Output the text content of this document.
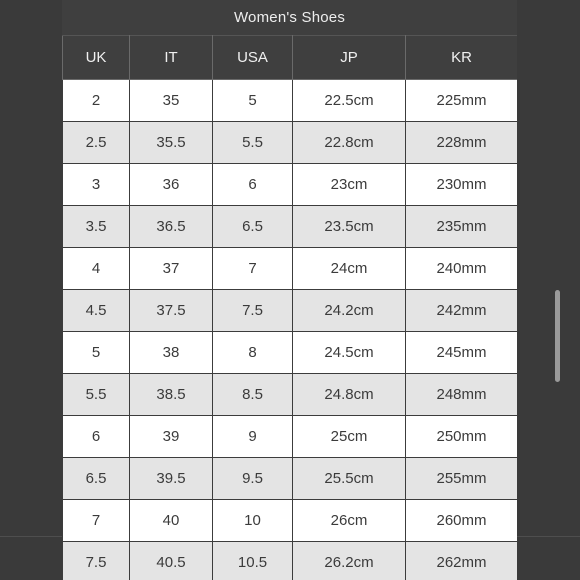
Women's Shoes
UK	IT	USA	JP	KR
2	35	5	22.5cm	225mm
2.5	35.5	5.5	22.8cm	228mm
3	36	6	23cm	230mm
3.5	36.5	6.5	23.5cm	235mm
4	37	7	24cm	240mm
4.5	37.5	7.5	24.2cm	242mm
5	38	8	24.5cm	245mm
5.5	38.5	8.5	24.8cm	248mm
6	39	9	25cm	250mm
6.5	39.5	9.5	25.5cm	255mm
7	40	10	26cm	260mm
7.5	40.5	10.5	26.2cm	262mm
